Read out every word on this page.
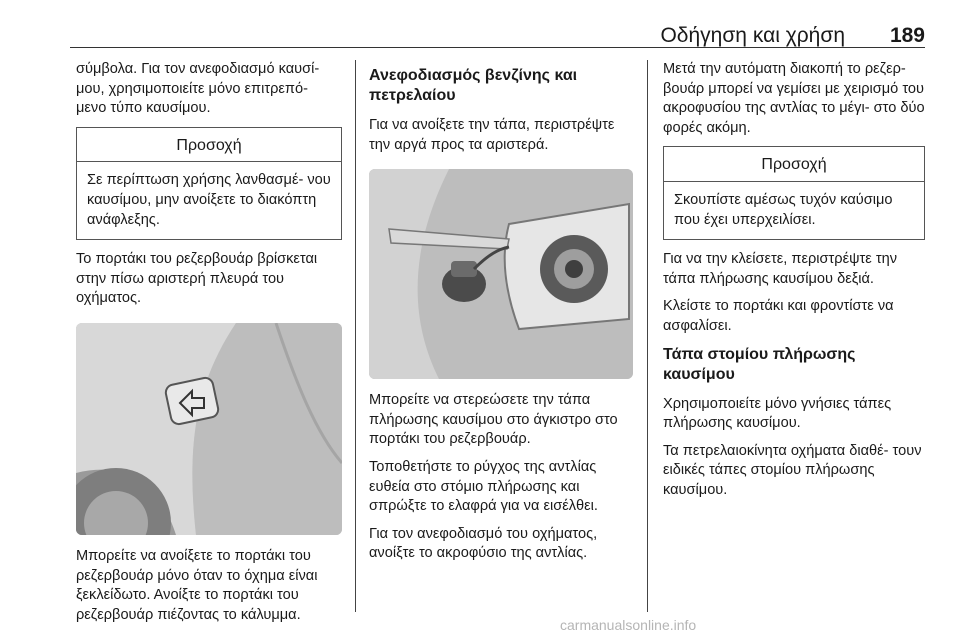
Οδήγηση και χρήση 189

σύμβολα. Για τον ανεφοδιασμό καυσί- μου, χρησιμοποιείτε μόνο επιτρεπό- μενο τύπο καυσίμου.

Προσοχή
Σε περίπτωση χρήσης λανθασμέ- νου καυσίμου, μην ανοίξετε το διακόπτη ανάφλεξης.

Το πορτάκι του ρεζερβουάρ βρίσκεται στην πίσω αριστερή πλευρά του οχήματος.

Μπορείτε να ανοίξετε το πορτάκι του ρεζερβουάρ μόνο όταν το όχημα είναι ξεκλείδωτο. Ανοίξτε το πορτάκι του ρεζερβουάρ πιέζοντας το κάλυμμα.

Ανεφοδιασμός βενζίνης και πετρελαίου

Για να ανοίξετε την τάπα, περιστρέψτε την αργά προς τα αριστερά.

Μπορείτε να στερεώσετε την τάπα πλήρωσης καυσίμου στο άγκιστρο στο πορτάκι του ρεζερβουάρ.

Τοποθετήστε το ρύγχος της αντλίας ευθεία στο στόμιο πλήρωσης και σπρώξτε το ελαφρά για να εισέλθει.

Για τον ανεφοδιασμό του οχήματος, ανοίξτε το ακροφύσιο της αντλίας.

Μετά την αυτόματη διακοπή το ρεζερ- βουάρ μπορεί να γεμίσει με χειρισμό του ακροφυσίου της αντλίας το μέγι- στο δύο φορές ακόμη.

Προσοχή
Σκουπίστε αμέσως τυχόν καύσιμο που έχει υπερχειλίσει.

Για να την κλείσετε, περιστρέψτε την τάπα πλήρωσης καυσίμου δεξιά.

Κλείστε το πορτάκι και φροντίστε να ασφαλίσει.

Τάπα στομίου πλήρωσης καυσίμου

Χρησιμοποιείτε μόνο γνήσιες τάπες πλήρωσης καυσίμου.

Τα πετρελαιοκίνητα οχήματα διαθέ- τουν ειδικές τάπες στομίου πλήρωσης καυσίμου.

carmanualsonline.info
